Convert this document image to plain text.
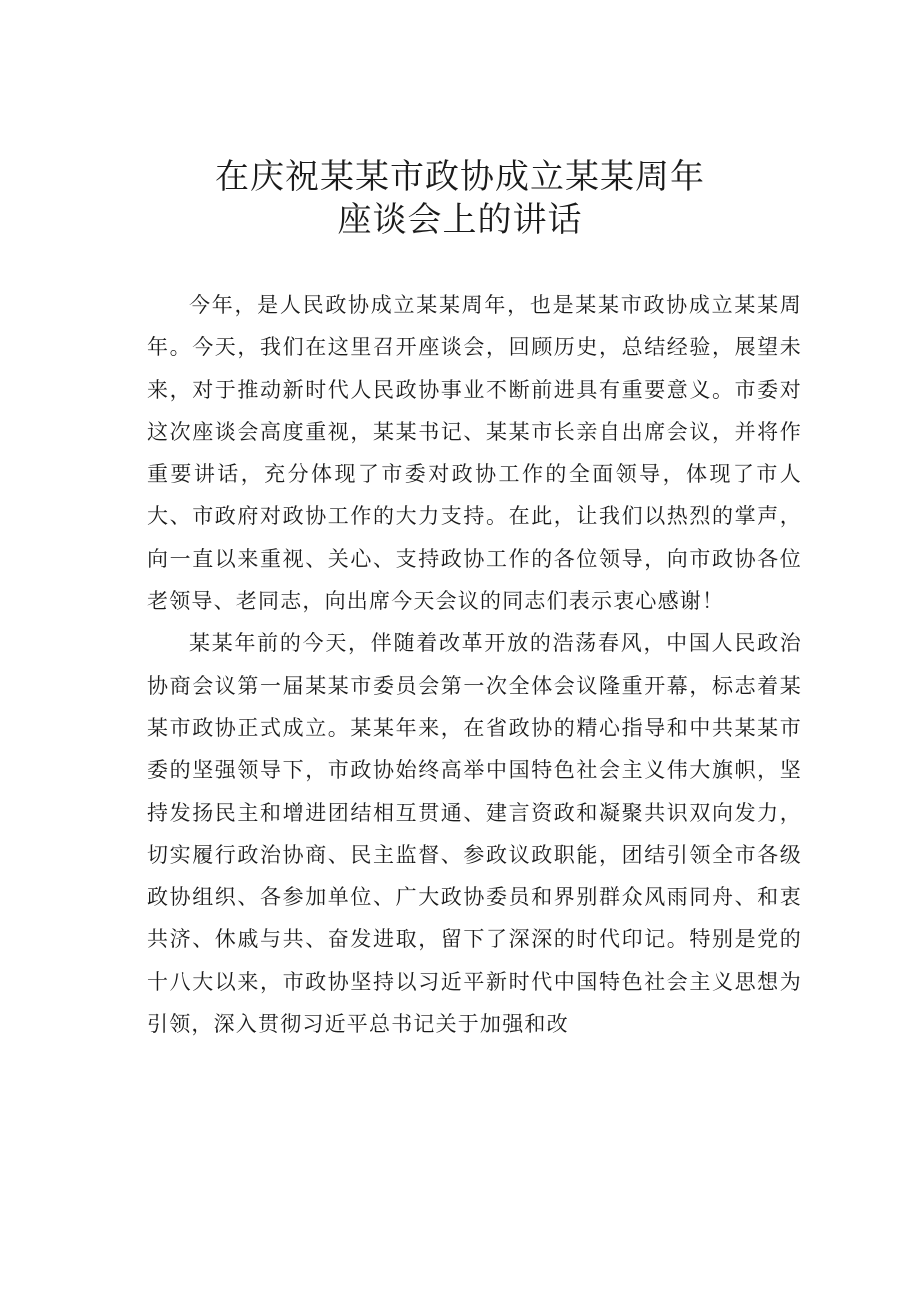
在庆祝某某市政协成立某某周年
座谈会上的讲话

今年，是人民政协成立某某周年，也是某某市政协成立某某周年。今天，我们在这里召开座谈会，回顾历史，总结经验，展望未来，对于推动新时代人民政协事业不断前进具有重要意义。市委对这次座谈会高度重视，某某书记、某某市长亲自出席会议，并将作重要讲话，充分体现了市委对政协工作的全面领导，体现了市人大、市政府对政协工作的大力支持。在此，让我们以热烈的掌声，向一直以来重视、关心、支持政协工作的各位领导，向市政协各位老领导、老同志，向出席今天会议的同志们表示衷心感谢！

某某年前的今天，伴随着改革开放的浩荡春风，中国人民政治协商会议第一届某某市委员会第一次全体会议隆重开幕，标志着某某市政协正式成立。某某年来，在省政协的精心指导和中共某某市委的坚强领导下，市政协始终高举中国特色社会主义伟大旗帜，坚持发扬民主和增进团结相互贯通、建言资政和凝聚共识双向发力，切实履行政治协商、民主监督、参政议政职能，团结引领全市各级政协组织、各参加单位、广大政协委员和界别群众风雨同舟、和衷共济、休戚与共、奋发进取，留下了深深的时代印记。特别是党的十八大以来，市政协坚持以习近平新时代中国特色社会主义思想为引领，深入贯彻习近平总书记关于加强和改
